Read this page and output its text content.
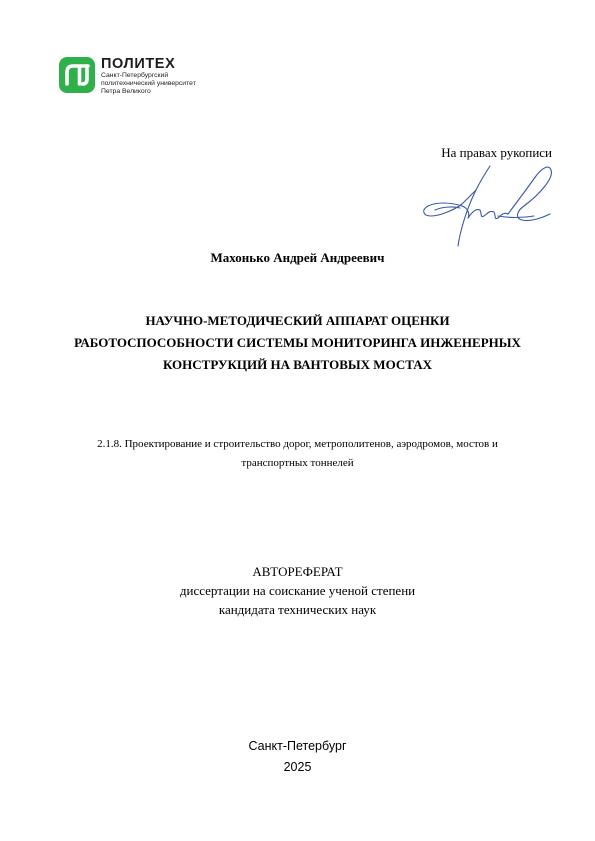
ПОЛИТЕХ
Санкт-Петербургский
политехнический университет
Петра Великого
На правах рукописи
Махонько Андрей Андреевич
НАУЧНО-МЕТОДИЧЕСКИЙ АППАРАТ ОЦЕНКИ
РАБОТОСПОСОБНОСТИ СИСТЕМЫ МОНИТОРИНГА ИНЖЕНЕРНЫХ
КОНСТРУКЦИЙ НА ВАНТОВЫХ МОСТАХ
2.1.8. Проектирование и строительство дорог, метрополитенов, аэродромов, мостов и
транспортных тоннелей
АВТОРЕФЕРАТ
диссертации на соискание ученой степени
кандидата технических наук
Санкт-Петербург
2025
